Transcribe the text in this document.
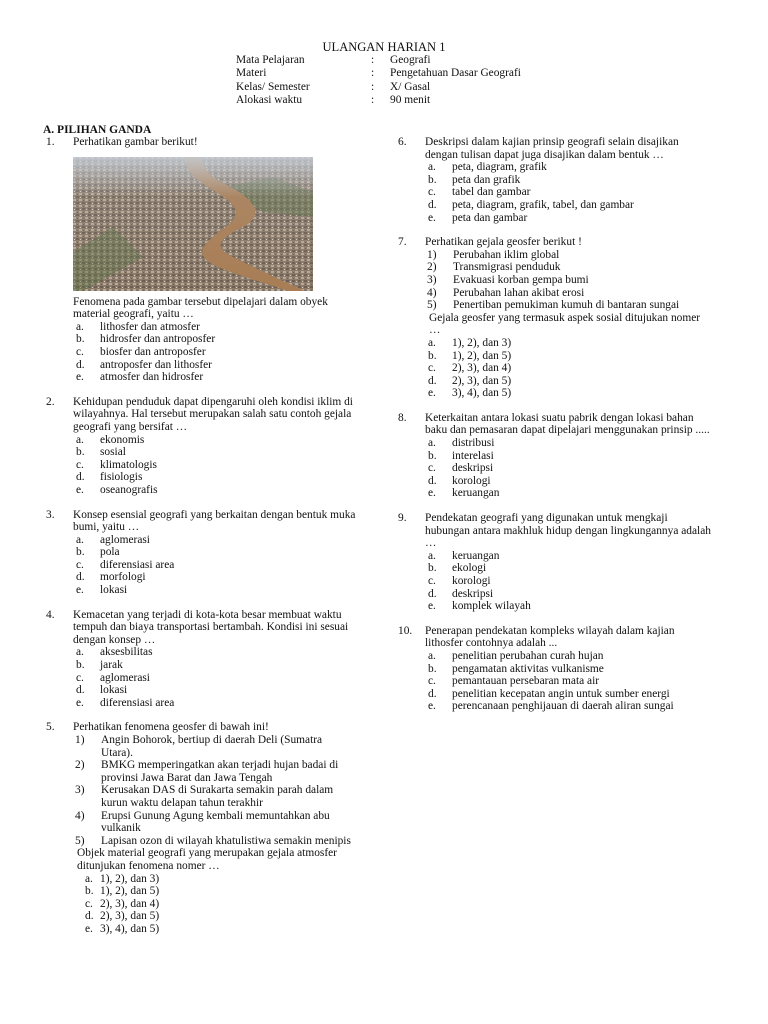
ULANGAN HARIAN 1
Mata Pelajaran	: Geografi
Materi	: Pengetahuan Dasar Geografi
Kelas/ Semester	: X/ Gasal
Alokasi waktu	: 90 menit
A. PILIHAN GANDA
1. Perhatikan gambar berikut!
Fenomena pada gambar tersebut dipelajari dalam obyek material geografi, yaitu …
a. lithosfer dan atmosfer
b. hidrosfer dan antroposfer
c. biosfer dan antroposfer
d. antroposfer dan lithosfer
e. atmosfer dan hidrosfer
2. Kehidupan penduduk dapat dipengaruhi oleh kondisi iklim di wilayahnya. Hal tersebut merupakan salah satu contoh gejala geografi yang bersifat …
a. ekonomis
b. sosial
c. klimatologis
d. fisiologis
e. oseanografis
3. Konsep esensial geografi yang berkaitan dengan bentuk muka bumi, yaitu …
a. aglomerasi
b. pola
c. diferensiasi area
d. morfologi
e. lokasi
4. Kemacetan yang terjadi di kota-kota besar membuat waktu tempuh dan biaya transportasi bertambah. Kondisi ini sesuai dengan konsep …
a. aksesbilitas
b. jarak
c. aglomerasi
d. lokasi
e. diferensiasi area
5. Perhatikan fenomena geosfer di bawah ini!
1) Angin Bohorok, bertiup di daerah Deli (Sumatra Utara).
2) BMKG memperingatkan akan terjadi hujan badai di provinsi Jawa Barat dan Jawa Tengah
3) Kerusakan DAS di Surakarta semakin parah dalam kurun waktu delapan tahun terakhir
4) Erupsi Gunung Agung kembali memuntahkan abu vulkanik
5) Lapisan ozon di wilayah khatulistiwa semakin menipis
Objek material geografi yang merupakan gejala atmosfer ditunjukan fenomena nomer …
a. 1), 2), dan 3)
b. 1), 2), dan 5)
c. 2), 3), dan 4)
d. 2), 3), dan 5)
e. 3), 4), dan 5)
6. Deskripsi dalam kajian prinsip geografi selain disajikan dengan tulisan dapat juga disajikan dalam bentuk …
a. peta, diagram, grafik
b. peta dan grafik
c. tabel dan gambar
d. peta, diagram, grafik, tabel, dan gambar
e. peta dan gambar
7. Perhatikan gejala geosfer berikut !
1) Perubahan iklim global
2) Transmigrasi penduduk
3) Evakuasi korban gempa bumi
4) Perubahan lahan akibat erosi
5) Penertiban pemukiman kumuh di bantaran sungai
Gejala geosfer yang termasuk aspek sosial ditujukan nomer …
a. 1), 2), dan 3)
b. 1), 2), dan 5)
c. 2), 3), dan 4)
d. 2), 3), dan 5)
e. 3), 4), dan 5)
8. Keterkaitan antara lokasi suatu pabrik dengan lokasi bahan baku dan pemasaran dapat dipelajari menggunakan prinsip .....
a. distribusi
b. interelasi
c. deskripsi
d. korologi
e. keruangan
9. Pendekatan geografi yang digunakan untuk mengkaji hubungan antara makhluk hidup dengan lingkungannya adalah …
a. keruangan
b. ekologi
c. korologi
d. deskripsi
e. komplek wilayah
10. Penerapan pendekatan kompleks wilayah dalam kajian lithosfer contohnya adalah ...
a. penelitian perubahan curah hujan
b. pengamatan aktivitas vulkanisme
c. pemantauan persebaran mata air
d. penelitian kecepatan angin untuk sumber energi
e. perencanaan penghijauan di daerah aliran sungai
